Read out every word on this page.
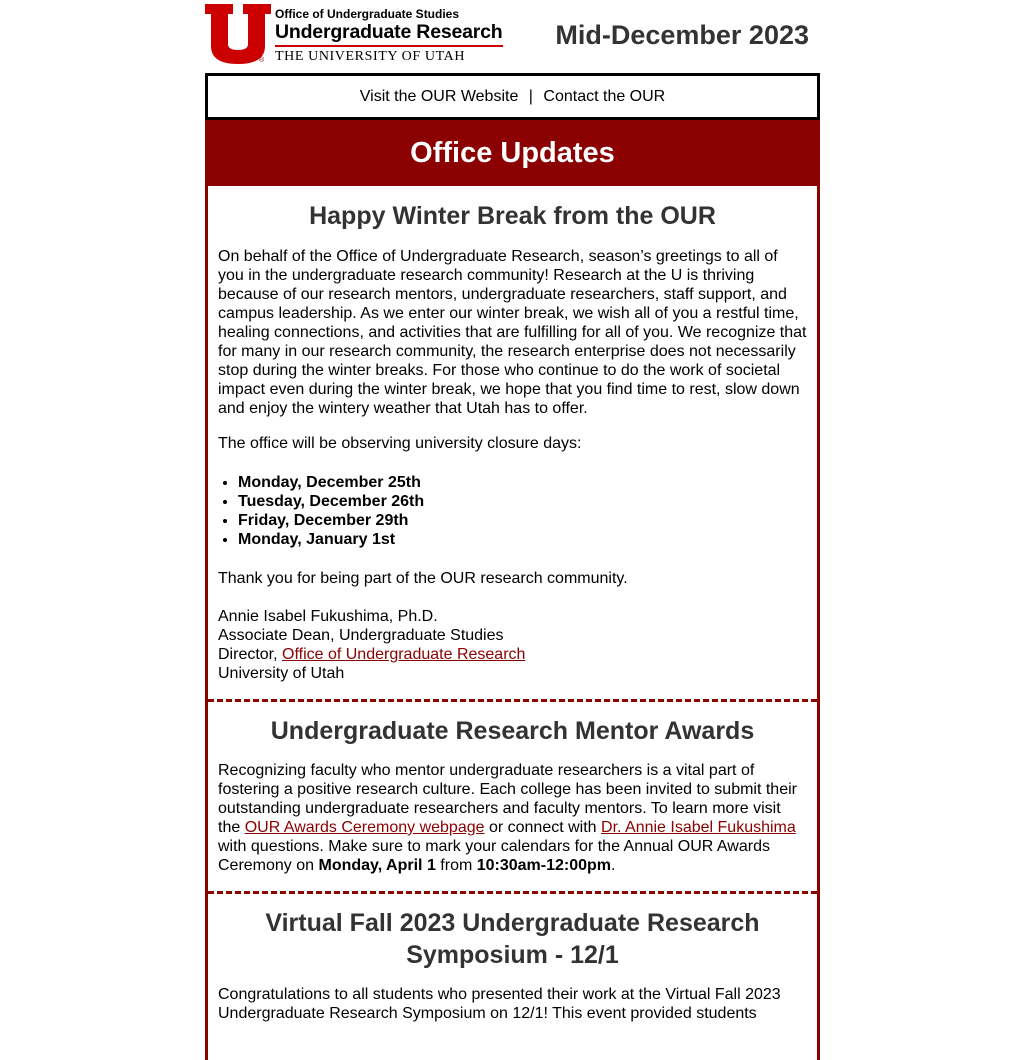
®
Office of Undergraduate Studies
Undergraduate Research
THE UNIVERSITY OF UTAH
Mid-December 2023
Visit the OUR Website | Contact the OUR
Office Updates
Happy Winter Break from the OUR

On behalf of the Office of Undergraduate Research, season’s greetings to all of you in the undergraduate research community! Research at the U is thriving because of our research mentors, undergraduate researchers, staff support, and campus leadership. As we enter our winter break, we wish all of you a restful time, healing connections, and activities that are fulfilling for all of you. We recognize that for many in our research community, the research enterprise does not necessarily stop during the winter breaks. For those who continue to do the work of societal impact even during the winter break, we hope that you find time to rest, slow down and enjoy the wintery weather that Utah has to offer.

The office will be observing university closure days:

• Monday, December 25th
• Tuesday, December 26th
• Friday, December 29th
• Monday, January 1st

Thank you for being part of the OUR research community.

Annie Isabel Fukushima, Ph.D.
Associate Dean, Undergraduate Studies
Director, Office of Undergraduate Research
University of Utah

Undergraduate Research Mentor Awards

Recognizing faculty who mentor undergraduate researchers is a vital part of fostering a positive research culture. Each college has been invited to submit their outstanding undergraduate researchers and faculty mentors. To learn more visit the OUR Awards Ceremony webpage or connect with Dr. Annie Isabel Fukushima with questions. Make sure to mark your calendars for the Annual OUR Awards Ceremony on Monday, April 1 from 10:30am-12:00pm.

Virtual Fall 2023 Undergraduate Research Symposium - 12/1

Congratulations to all students who presented their work at the Virtual Fall 2023 Undergraduate Research Symposium on 12/1! This event provided students
